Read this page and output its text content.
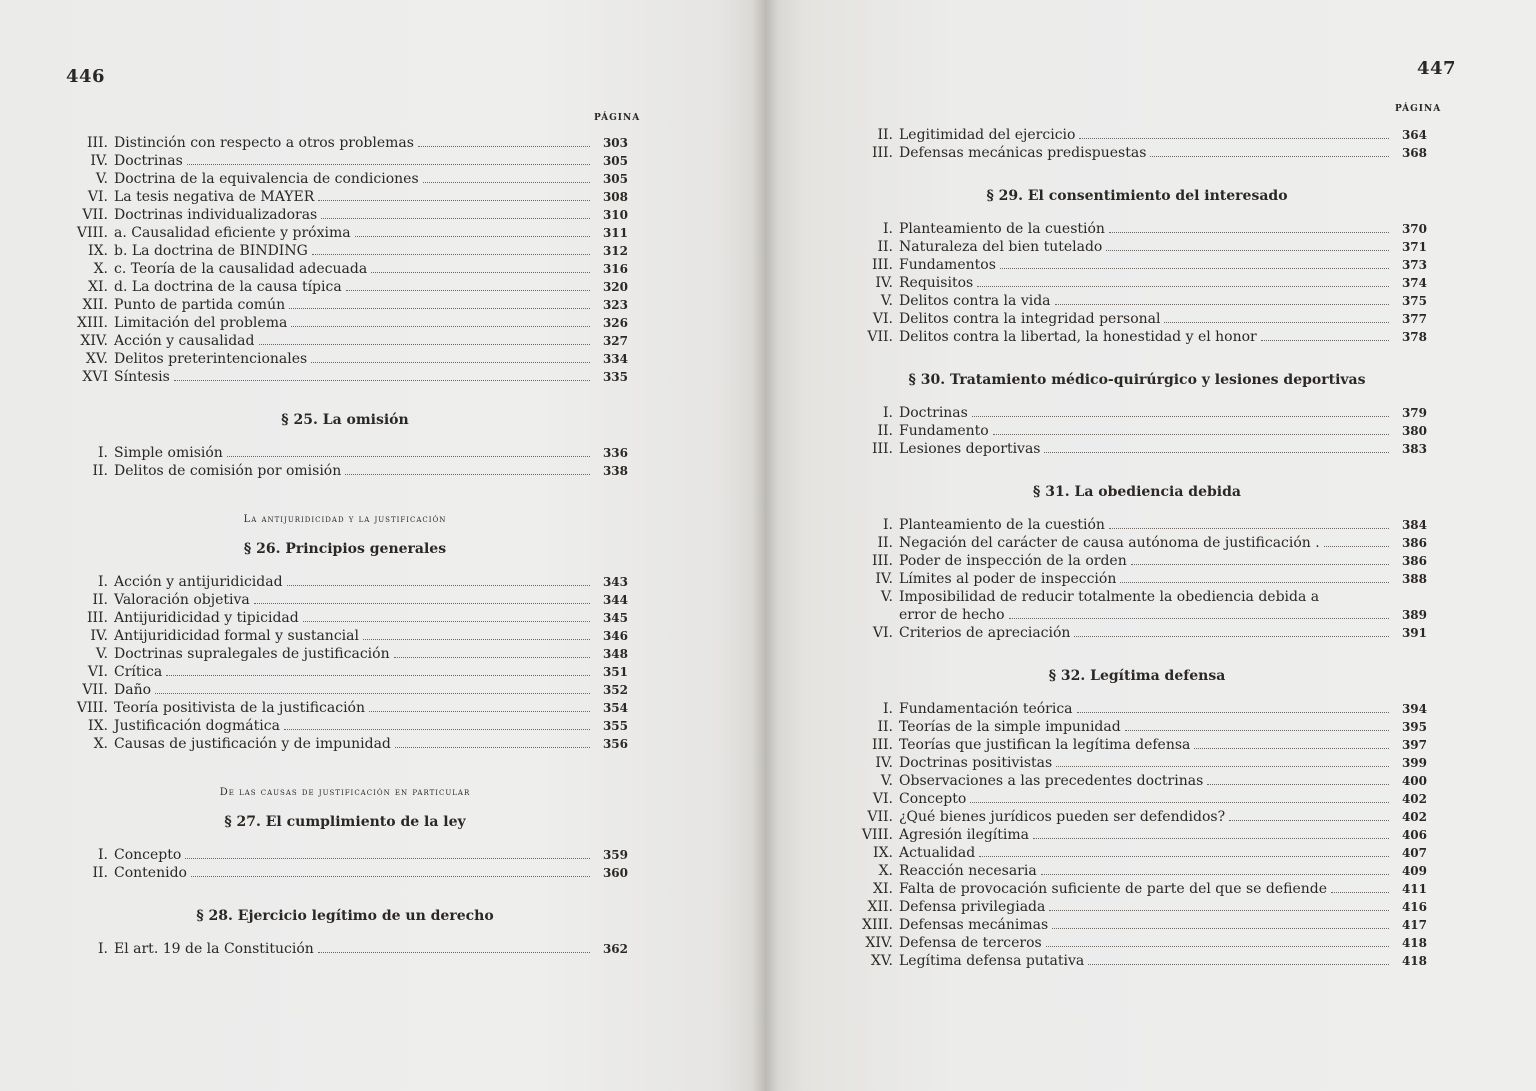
446
PÁGINA
III. Distinción con respecto a otros problemas	303
IV. Doctrinas	305
V. Doctrina de la equivalencia de condiciones	305
VI. La tesis negativa de MAYER	308
VII. Doctrinas individualizadoras	310
VIII. a. Causalidad eficiente y próxima	311
IX. b. La doctrina de BINDING	312
X. c. Teoría de la causalidad adecuada	316
XI. d. La doctrina de la causa típica	320
XII. Punto de partida común	323
XIII. Limitación del problema	326
XIV. Acción y causalidad	327
XV. Delitos preterintencionales	334
XVI Síntesis	335
§ 25. La omisión
I. Simple omisión	336
II. Delitos de comisión por omisión	338
La antijuridicidad y la justificación
§ 26. Principios generales
I. Acción y antijuridicidad	343
II. Valoración objetiva	344
III. Antijuridicidad y tipicidad	345
IV. Antijuridicidad formal y sustancial	346
V. Doctrinas supralegales de justificación	348
VI. Crítica	351
VII. Daño	352
VIII. Teoría positivista de la justificación	354
IX. Justificación dogmática	355
X. Causas de justificación y de impunidad	356
De las causas de justificación en particular
§ 27. El cumplimiento de la ley
I. Concepto	359
II. Contenido	360
§ 28. Ejercicio legítimo de un derecho
I. El art. 19 de la Constitución	362
447
PÁGINA
II. Legitimidad del ejercicio	364
III. Defensas mecánicas predispuestas	368
§ 29. El consentimiento del interesado
I. Planteamiento de la cuestión	370
II. Naturaleza del bien tutelado	371
III. Fundamentos	373
IV. Requisitos	374
V. Delitos contra la vida	375
VI. Delitos contra la integridad personal	377
VII. Delitos contra la libertad, la honestidad y el honor	378
§ 30. Tratamiento médico-quirúrgico y lesiones deportivas
I. Doctrinas	379
II. Fundamento	380
III. Lesiones deportivas	383
§ 31. La obediencia debida
I. Planteamiento de la cuestión	384
II. Negación del carácter de causa autónoma de justificación .	386
III. Poder de inspección de la orden	386
IV. Límites al poder de inspección	388
V. Imposibilidad de reducir totalmente la obediencia debida a
error de hecho	389
VI. Criterios de apreciación	391
§ 32. Legítima defensa
I. Fundamentación teórica	394
II. Teorías de la simple impunidad	395
III. Teorías que justifican la legítima defensa	397
IV. Doctrinas positivistas	399
V. Observaciones a las precedentes doctrinas	400
VI. Concepto	402
VII. ¿Qué bienes jurídicos pueden ser defendidos?	402
VIII. Agresión ilegítima	406
IX. Actualidad	407
X. Reacción necesaria	409
XI. Falta de provocación suficiente de parte del que se defiende	411
XII. Defensa privilegiada	416
XIII. Defensas mecánimas	417
XIV. Defensa de terceros	418
XV. Legítima defensa putativa	418
